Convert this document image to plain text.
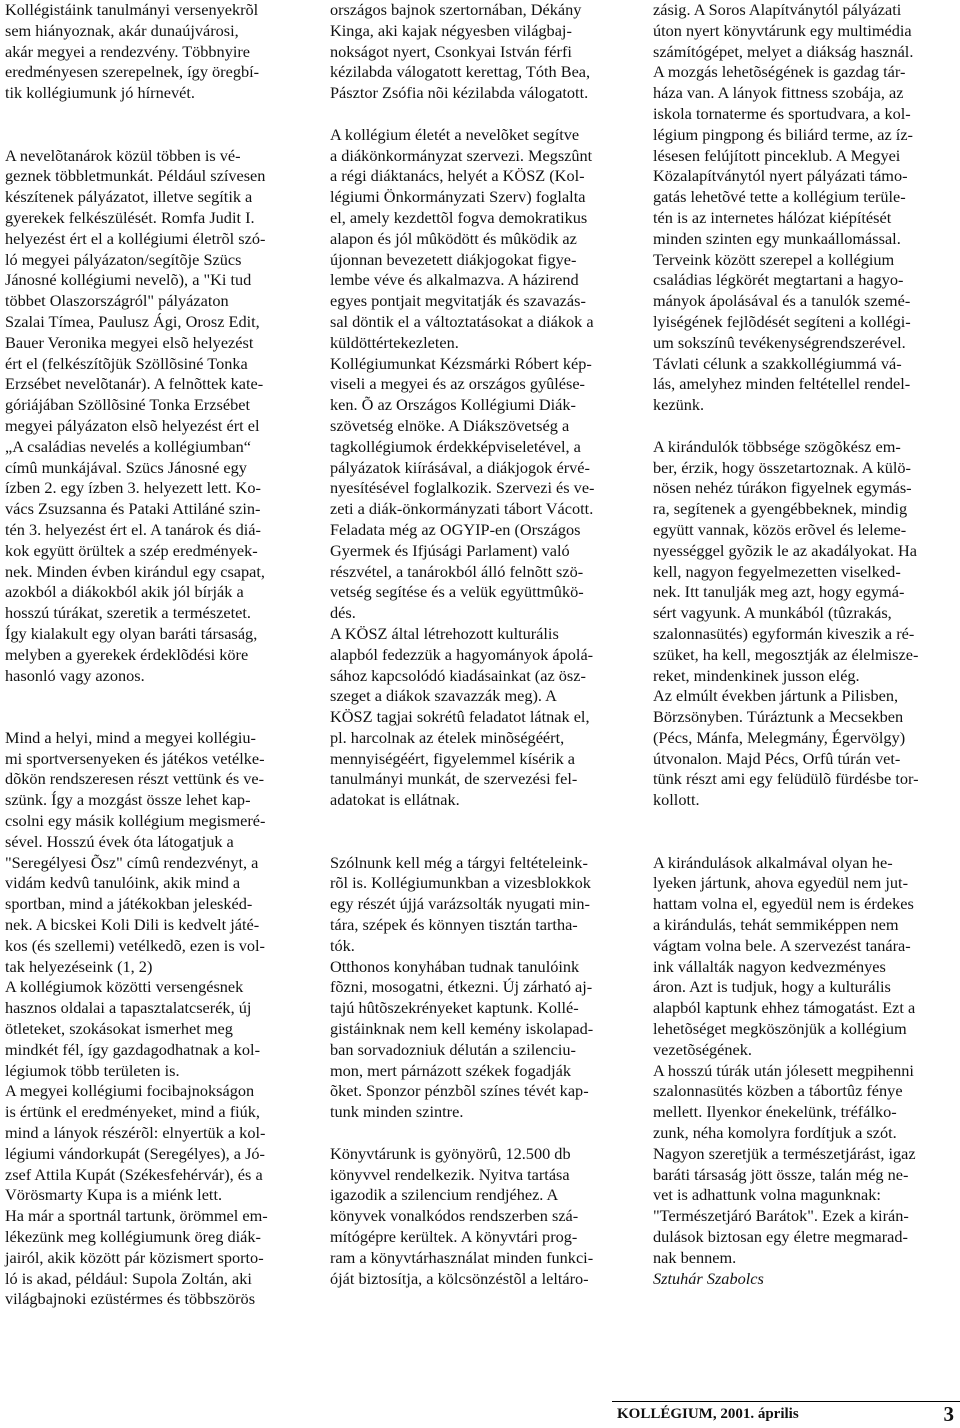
Kollégistáink tanulmányi versenyekrõl
sem hiányoznak, akár dunaújvárosi,
akár megyei a rendezvény. Többnyire
eredményesen szerepelnek, így öregbí-
tik kollégiumunk jó hírnevét.

A nevelõtanárok közül többen is vé-
geznek többletmunkát. Például szívesen
készítenek pályázatot, illetve segítik a
gyerekek felkészülését. Romfa Judit I.
helyezést ért el a kollégiumi életrõl szó-
ló megyei pályázaton/segítõje Szücs
Jánosné kollégiumi nevelõ), a "Ki tud
többet Olaszországról" pályázaton
Szalai Tímea, Paulusz Ági, Orosz Edit,
Bauer Veronika megyei elsõ helyezést
ért el (felkészítõjük Szöllõsiné Tonka
Erzsébet nevelõtanár). A felnõttek kate-
góriájában Szöllõsiné Tonka Erzsébet
megyei pályázaton elsõ helyezést ért el
„A családias nevelés a kollégiumban“
címû munkájával. Szücs Jánosné egy
ízben 2. egy ízben 3. helyezett lett. Ko-
vács Zsuzsanna és Pataki Attiláné szin-
tén 3. helyezést ért el. A tanárok és diá-
kok együtt örültek a szép eredmények-
nek. Minden évben kirándul egy csapat,
azokból a diákokból akik jól bírják a
hosszú túrákat, szeretik a természetet.
Így kialakult egy olyan baráti társaság,
melyben a gyerekek érdeklõdési köre
hasonló vagy azonos.

Mind a helyi, mind a megyei kollégiu-
mi sportversenyeken és játékos vetélke-
dõkön rendszeresen részt vettünk és ve-
szünk. Így a mozgást össze lehet kap-
csolni egy másik kollégium megismeré-
sével. Hosszú évek óta látogatjuk a
"Seregélyesi Õsz" címû rendezvényt, a
vidám kedvû tanulóink, akik mind a
sportban, mind a játékokban jeleskéd-
nek. A bicskei Koli Dili is kedvelt játé-
kos (és szellemi) vetélkedõ, ezen is vol-
tak helyezéseink (1, 2)
A kollégiumok közötti versengésnek
hasznos oldalai a tapasztalatcserék, új
ötleteket, szokásokat ismerhet meg
mindkét fél, így gazdagodhatnak a kol-
légiumok több területen is.
A megyei kollégiumi focibajnokságon
is értünk el eredményeket, mind a fiúk,
mind a lányok részérõl: elnyertük a kol-
légiumi vándorkupát (Seregélyes), a Jó-
zsef Attila Kupát (Székesfehérvár), és a
Vörösmarty Kupa is a miénk lett.
Ha már a sportnál tartunk, örömmel em-
lékezünk meg kollégiumunk öreg diák-
jairól, akik között pár közismert sporto-
ló is akad, például: Supola Zoltán, aki
világbajnoki ezüstérmes és többszörös

országos bajnok szertornában, Dékány
Kinga, aki kajak négyesben világbaj-
nokságot nyert, Csonkyai István férfi
kézilabda válogatott kerettag, Tóth Bea,
Pásztor Zsófia nõi kézilabda válogatott.

A kollégium életét a nevelõket segítve
a diákönkormányzat szervezi. Megszûnt
a régi diáktanács, helyét a KÖSZ (Kol-
légiumi Önkormányzati Szerv) foglalta
el, amely kezdettõl fogva demokratikus
alapon és jól mûködött és mûködik az
újonnan bevezetett diákjogokat figye-
lembe véve és alkalmazva. A házirend
egyes pontjait megvitatják és szavazás-
sal döntik el a változtatásokat a diákok a
küldöttértekezleten.
Kollégiumunkat Kézsmárki Róbert kép-
viseli a megyei és az országos gyûlése-
ken. Õ az Országos Kollégiumi Diák-
szövetség elnöke. A Diákszövetség a
tagkollégiumok érdekképviseletével, a
pályázatok kiírásával, a diákjogok érvé-
nyesítésével foglalkozik. Szervezi és ve-
zeti a diák-önkormányzati tábort Vácott.
Feladata még az OGYIP-en (Országos
Gyermek és Ifjúsági Parlament) való
részvétel, a tanárokból álló felnõtt szö-
vetség segítése és a velük együttmûkö-
dés.
A KÖSZ által létrehozott kulturális
alapból fedezzük a hagyományok ápolá-
sához kapcsolódó kiadásainkat (az ösz-
szeget a diákok szavazzák meg). A
KÖSZ tagjai sokrétû feladatot látnak el,
pl. harcolnak az ételek minõségéért,
mennyiségéért, figyelemmel kísérik a
tanulmányi munkát, de szervezési fel-
adatokat is ellátnak.

Szólnunk kell még a tárgyi feltételeink-
rõl is. Kollégiumunkban a vizesblokkok
egy részét újjá varázsolták nyugati min-
tára, szépek és könnyen tisztán tartha-
tók.
Otthonos konyhában tudnak tanulóink
fõzni, mosogatni, étkezni. Új zárható aj-
tajú hûtõszekrényeket kaptunk. Kollé-
gistáinknak nem kell kemény iskolapad-
ban sorvadozniuk délután a szilenciu-
mon, mert párnázott székek fogadják
õket. Sponzor pénzbõl színes tévét kap-
tunk minden szintre.

Könyvtárunk is gyönyörû, 12.500 db
könyvvel rendelkezik. Nyitva tartása
igazodik a szilencium rendjéhez. A
könyvek vonalkódos rendszerben szá-
mítógépre kerültek. A könyvtári prog-
ram a könyvtárhasználat minden funkci-
óját biztosítja, a kölcsönzéstõl a leltáro-

zásig. A Soros Alapítványtól pályázati
úton nyert könyvtárunk egy multimédia
számítógépet, melyet a diákság használ.
A mozgás lehetõségének is gazdag tár-
háza van. A lányok fittness szobája, az
iskola tornaterme és sportudvara, a kol-
légium pingpong és biliárd terme, az íz-
lésesen felújított pinceklub. A Megyei
Közalapítványtól nyert pályázati támo-
gatás lehetõvé tette a kollégium terüle-
tén is az internetes hálózat kiépítését
minden szinten egy munkaállomással.
Terveink között szerepel a kollégium
családias légkörét megtartani a hagyo-
mányok ápolásával és a tanulók szemé-
lyiségének fejlõdését segíteni a kollégi-
um sokszínû tevékenységrendszerével.
Távlati célunk a szakkollégiummá vá-
lás, amelyhez minden feltétellel rendel-
kezünk.

A kirándulók többsége szögõkész em-
ber, érzik, hogy összetartoznak. A külö-
nösen nehéz túrákon figyelnek egymás-
ra, segítenek a gyengébbeknek, mindig
együtt vannak, közös erõvel és leleme-
nyességgel gyõzik le az akadályokat. Ha
kell, nagyon fegyelmezetten viselked-
nek. Itt tanulják meg azt, hogy egymá-
sért vagyunk. A munkából (tûzrakás,
szalonnasütés) egyformán kiveszik a ré-
szüket, ha kell, megosztják az élelmisze-
reket, mindenkinek jusson elég.
Az elmúlt években jártunk a Pilisben,
Börzsönyben. Túráztunk a Mecsekben
(Pécs, Mánfa, Melegmány, Égervölgy)
útvonalon. Majd Pécs, Orfû túrán vet-
tünk részt ami egy felüdülõ fürdésbe tor-
kollott.

A kirándulások alkalmával olyan he-
lyeken jártunk, ahova egyedül nem jut-
hattam volna el, egyedül nem is érdekes
a kirándulás, tehát semmiképpen nem
vágtam volna bele. A szervezést tanára-
ink vállalták nagyon kedvezményes
áron. Azt is tudjuk, hogy a kulturális
alapból kaptunk ehhez támogatást. Ezt a
lehetõséget megköszönjük a kollégium
vezetõségének.
A hosszú túrák után jólesett megpihenni
szalonnasütés közben a tábortûz fénye
mellett. Ilyenkor énekelünk, tréfálko-
zunk, néha komolyra fordítjuk a szót.
Nagyon szeretjük a természetjárást, igaz
baráti társaság jött össze, talán még ne-
vet is adhattunk volna magunknak:
"Természetjáró Barátok". Ezek a kirán-
dulások biztosan egy életre megmarad-
nak bennem.

Sztuhár Szabolcs

KOLLÉGIUM, 2001. április	3
